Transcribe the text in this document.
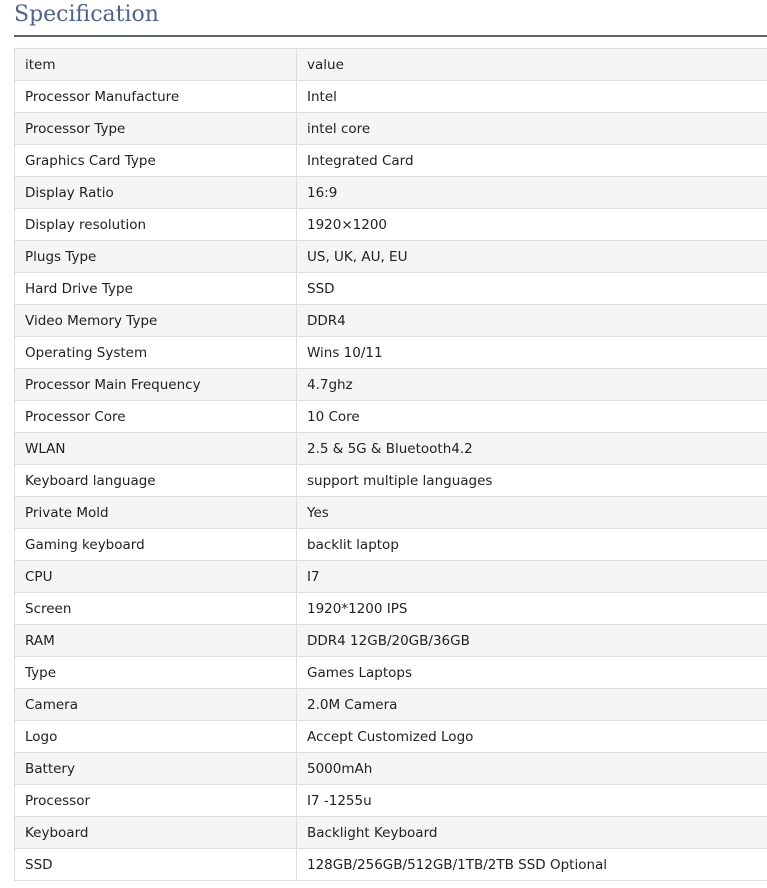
Specification
item	value
Processor Manufacture	Intel
Processor Type	intel core
Graphics Card Type	Integrated Card
Display Ratio	16:9
Display resolution	1920×1200
Plugs Type	US, UK, AU, EU
Hard Drive Type	SSD
Video Memory Type	DDR4
Operating System	Wins 10/11
Processor Main Frequency	4.7ghz
Processor Core	10 Core
WLAN	2.5 & 5G & Bluetooth4.2
Keyboard language	support multiple languages
Private Mold	Yes
Gaming keyboard	backlit laptop
CPU	I7
Screen	1920*1200 IPS
RAM	DDR4 12GB/20GB/36GB
Type	Games Laptops
Camera	2.0M Camera
Logo	Accept Customized Logo
Battery	5000mAh
Processor	I7 -1255u
Keyboard	Backlight Keyboard
SSD	128GB/256GB/512GB/1TB/2TB SSD Optional
